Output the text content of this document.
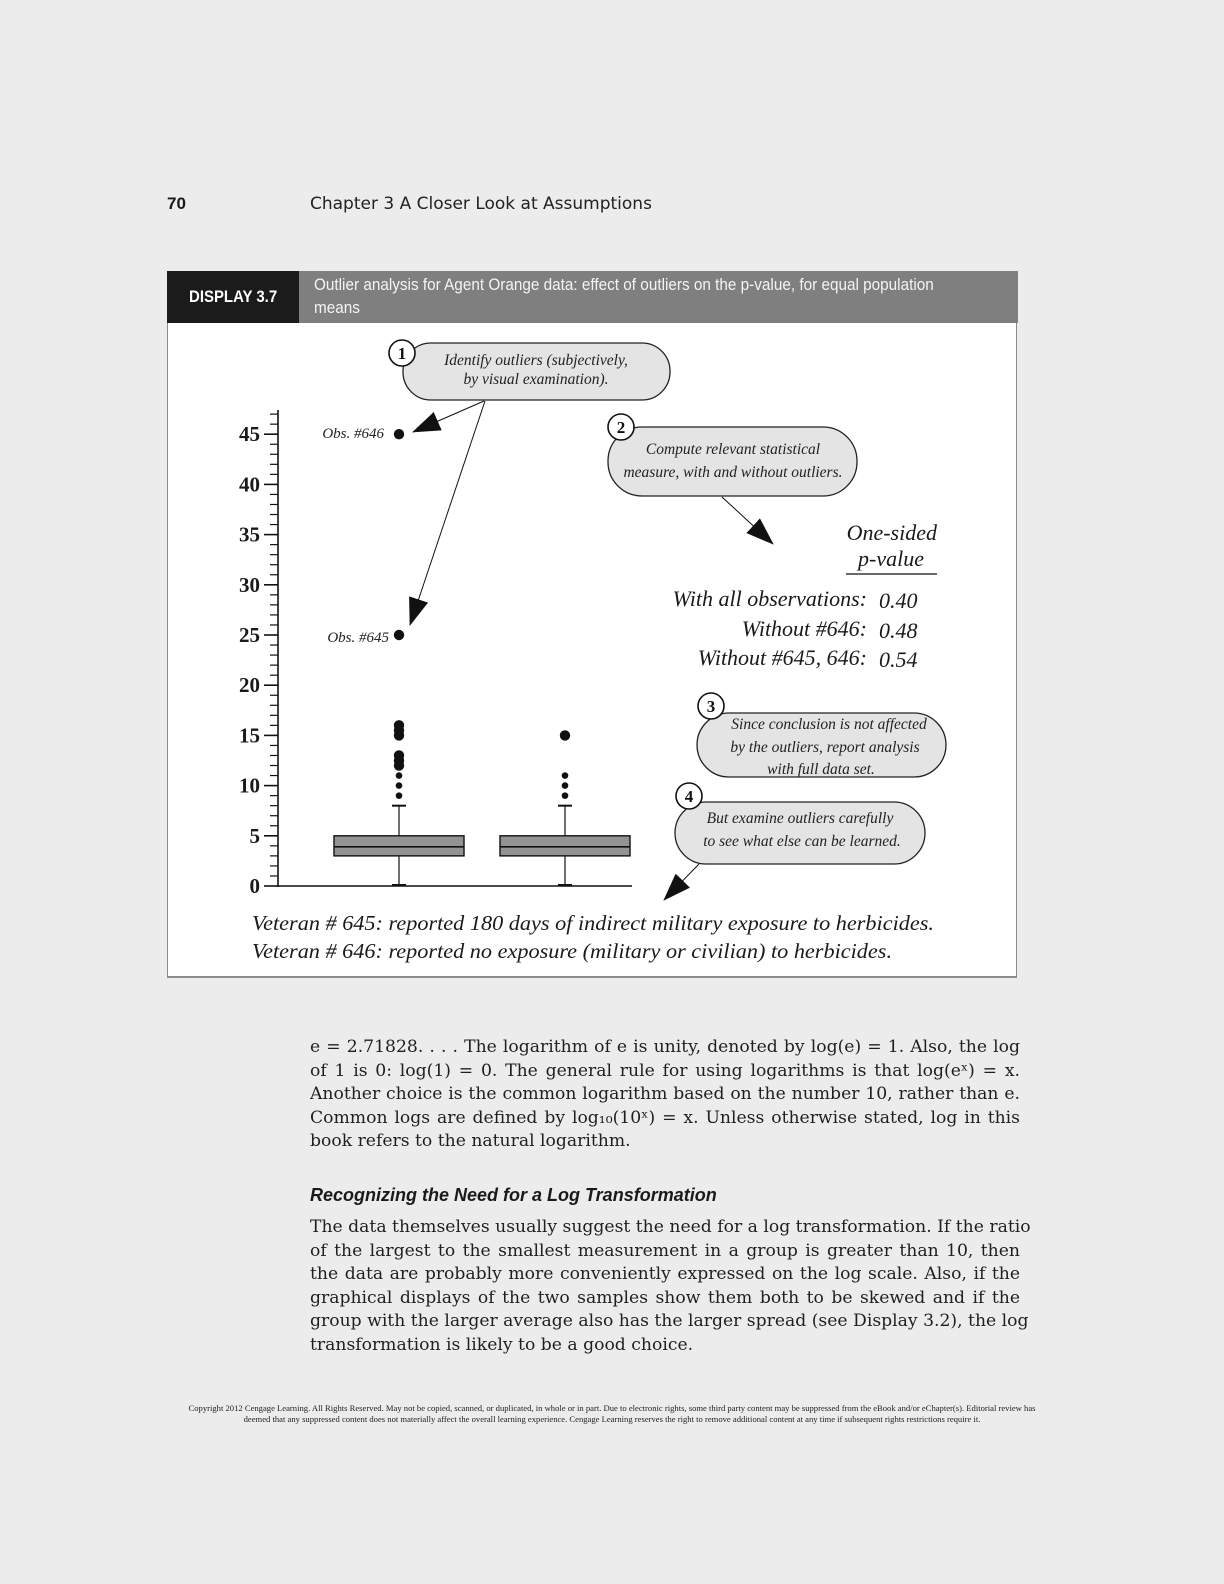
70	Chapter 3 A Closer Look at Assumptions
DISPLAY 3.7
Outlier analysis for Agent Orange data: effect of outliers on the p-value, for equal population
means
0
5
10
15
20
25
30
35
40
45	Obs. #646
Obs. #645
1 Identify outliers (subjectively,
by visual examination).
2
Compute relevant statistical
measure, with and without outliers.
One-sided
p-value
With all observations: 0.40
Without #646: 0.48
Without #645, 646: 0.54
3
Since conclusion is not affected
by the outliers, report analysis
with full data set.
4
But examine outliers carefully
to see what else can be learned.
Veteran # 645: reported 180 days of indirect military exposure to herbicides.
Veteran # 646: reported no exposure (military or civilian) to herbicides.
e = 2.71828. . . . The logarithm of e is unity, denoted by log(e) = 1. Also, the log
of 1 is 0: log(1) = 0. The general rule for using logarithms is that log(eˣ) = x.
Another choice is the common logarithm based on the number 10, rather than e.
Common logs are defined by log₁₀(10ˣ) = x. Unless otherwise stated, log in this
book refers to the natural logarithm.
Recognizing the Need for a Log Transformation
The data themselves usually suggest the need for a log transformation. If the ratio
of the largest to the smallest measurement in a group is greater than 10, then
the data are probably more conveniently expressed on the log scale. Also, if the
graphical displays of the two samples show them both to be skewed and if the
group with the larger average also has the larger spread (see Display 3.2), the log
transformation is likely to be a good choice.
Copyright 2012 Cengage Learning. All Rights Reserved. May not be copied, scanned, or duplicated, in whole or in part. Due to electronic rights, some third party content may be suppressed from the eBook and/or eChapter(s). Editorial review has
deemed that any suppressed content does not materially affect the overall learning experience. Cengage Learning reserves the right to remove additional content at any time if subsequent rights restrictions require it.
